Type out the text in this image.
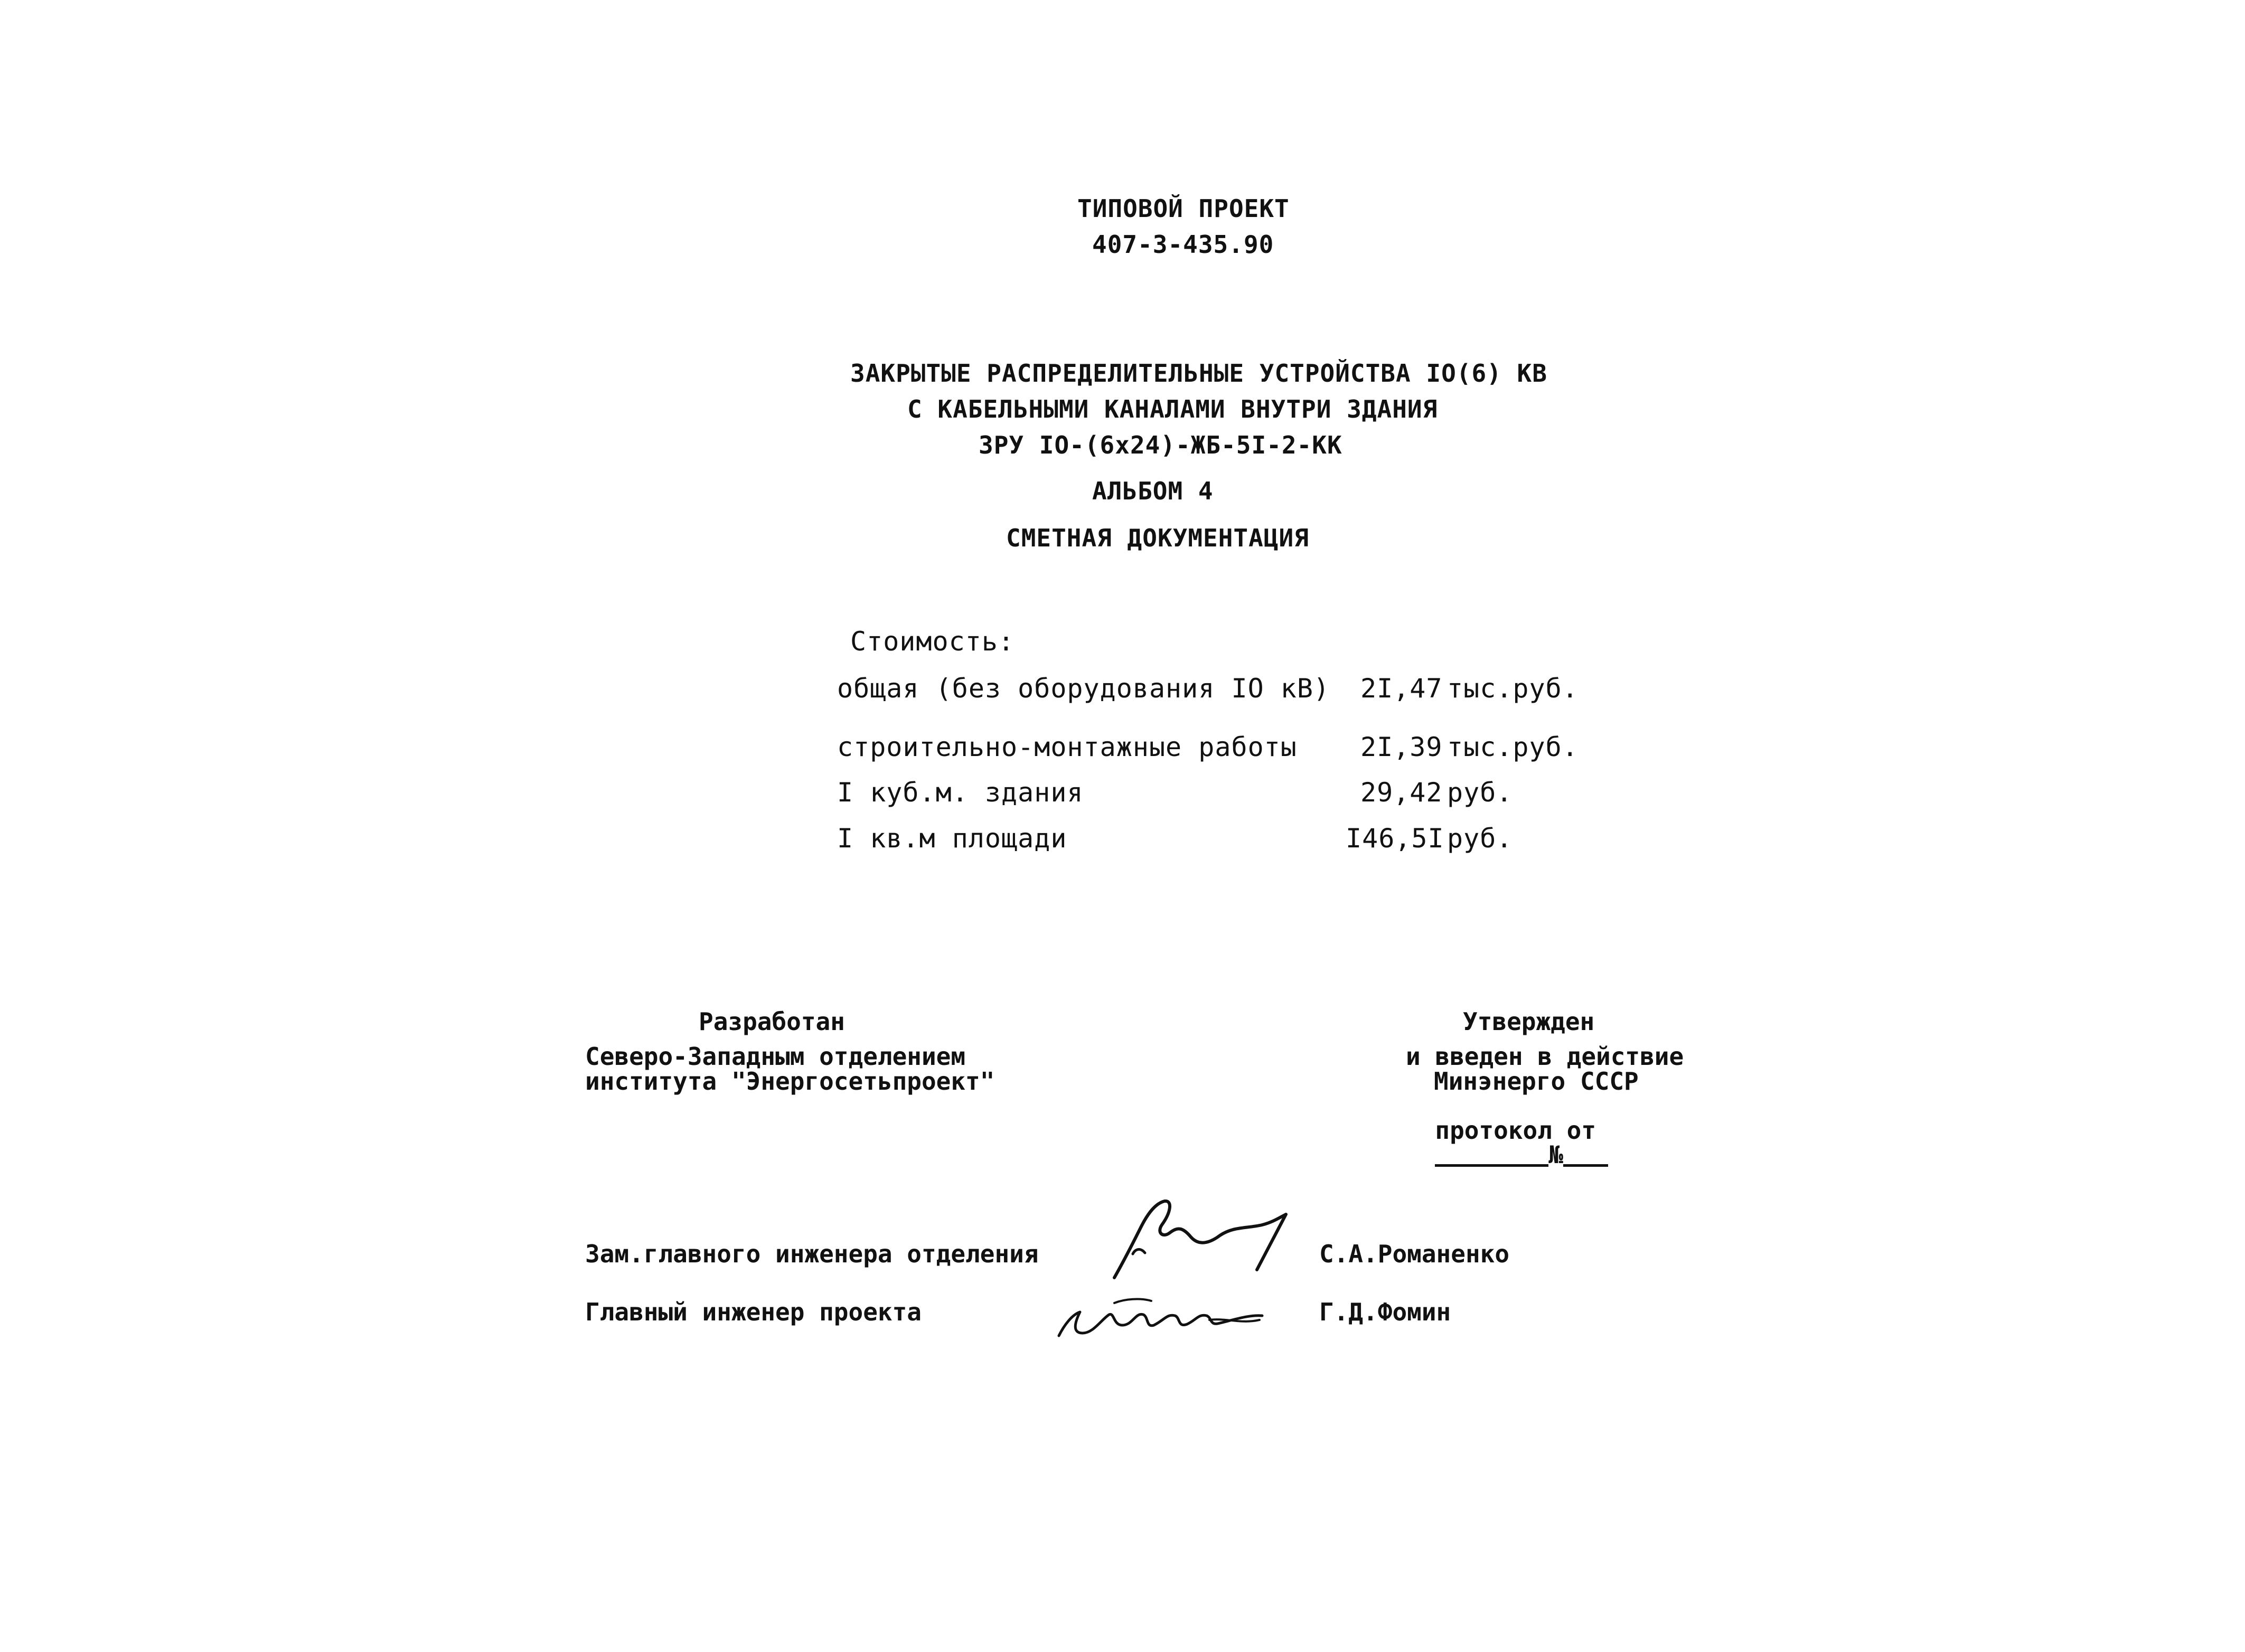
ТИПОВОЙ ПРОЕКТ
407-3-435.90
ЗАКРЫТЫЕ РАСПРЕДЕЛИТЕЛЬНЫЕ УСТРОЙСТВА IO(6) КВ
С КАБЕЛЬНЫМИ КАНАЛАМИ ВНУТРИ ЗДАНИЯ
ЗРУ IO-(6х24)-ЖБ-5I-2-КК
АЛЬБОМ 4
СМЕТНАЯ ДОКУМЕНТАЦИЯ
Стоимость:
общая (без оборудования IO кВ) 2I,47 тыс.руб.
строительно-монтажные работы 2I,39 тыс.руб.
I куб.м. здания	29,42 руб.
I кв.м площади	I46,5I руб.
Разработан
Северо-Западным отделением
института "Энергосетьпроект"
Утвержден
и введен в действие
Минэнерго СССР

протокол от
№

Зам.главного инженера отделения	С.А.Романенко
Главный инженер проекта	Г.Д.Фомин
